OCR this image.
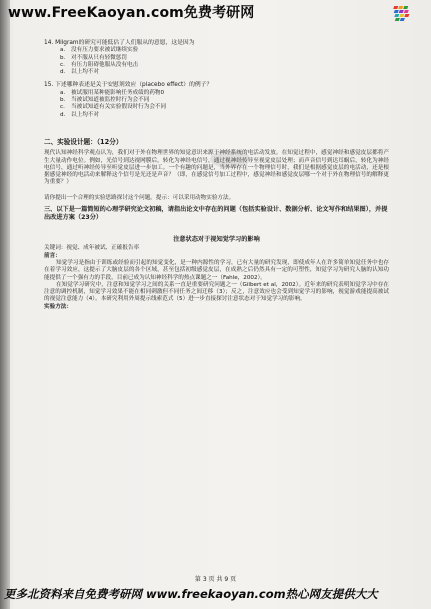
www.FreeKaoyan.com免费考研网

14. Milgram的研究可能低估了人们服从的意愿，这是因为

a. 没有压力要求被试继续实验
b. 对不服从只有轻微惩罚
c. 有压力阻碍他服从没有电击
d. 以上均不对

15. 下述哪种表述是关于安慰剂效应（placebo effect）的例子？

a. 被试服用某种能影响任务成绩的药物0
b. 当被试知道被监控时行为会不同
c. 当被试知道有关实验假设时行为会不同
d. 以上均不对

二、实验设计题：（12分）

现代认知神经科学观点认为，我们对于外在物理世界的知觉意识来源于神经系统的电活动发放。在知觉过程中，感觉神经和感觉皮层都将产生大量动作电位。例如，光信号到达视网膜后，转化为神经电信号，通过视神经传导至视觉皮层处理；而声音信号到达耳蜗后，转化为神经电信号，通过听神经传导至听觉皮层进一步加工。一个有趣的问题是，当外界存在一个物理信号时，我们是根据感觉皮层的电活动，还是根据感觉神经的电活动来解释这个信号是光还是声音？（即，在感觉信号加工过程中，感觉神经和感觉皮层哪一个对于外在物理信号的解释更为重要？）

请你提出一个合理的实验思路探讨这个问题。提示：可以采用动物实验方法。

三、以下是一篇简短的心理学研究论文初稿，请指出论文中存在的问题（包括实验设计、数据分析、论文写作和结果图），并提出改进方案（23分）

注意状态对于视知觉学习的影响

关键词：视觉、成年被试、正確报告率

前言：

知觉学习是指由于训练或经验而引起的知觉变化，是一种内源性的学习，已有大量的研究发现，即使成年人在许多简单知觉任务中也存在着学习效应，这提示了大脑皮层的各个区域，甚至包括初级感觉皮层，在成熟之后仍然具有一定的可塑性，知觉学习为研究人脑的认知功能提供了一个强有力的手段，目前已成为认知神经科学的热点课题之一（Fahle，2002）。

在知觉学习研究中，注意和知觉学习之间的关系一直是重要研究问题之一（Gilbert et al，2002）。近年来的研究表明知觉学习中存在注意的调控机制，知觉学习效果不能在相同刺激但不同任务之间迁移（3）；反之，注意效应也会受到知觉学习的影响，视觉游戏能提高被试的视觉注意能力（4）。本研究利用外周提示线索范式（5）进一步直接探讨注意状态对于知觉学习的影响。

实验方法：

第 3 页 共 9 页
更多北资料来自免费考研网 www.freekaoyan.com热心网友提供大大
